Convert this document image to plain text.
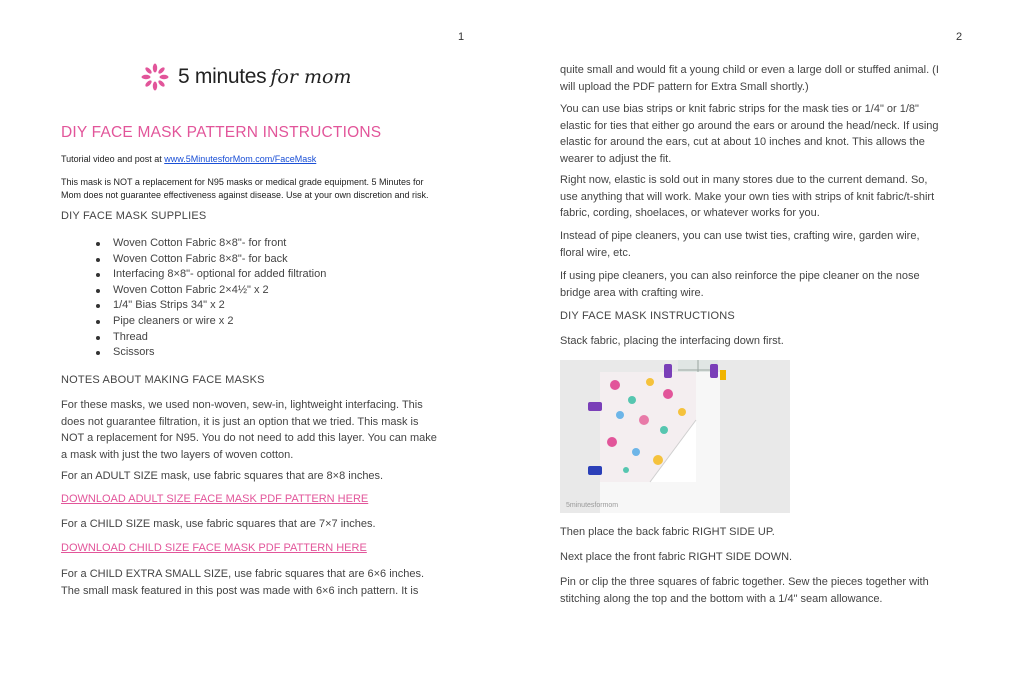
1
5 minutes for mom
DIY FACE MASK PATTERN INSTRUCTIONS
Tutorial video and post at www.5MinutesforMom.com/FaceMask
This mask is NOT a replacement for N95 masks or medical grade equipment. 5 Minutes for
Mom does not guarantee effectiveness against disease. Use at your own discretion and risk.
DIY FACE MASK SUPPLIES
Woven Cotton Fabric 8×8"- for front
Woven Cotton Fabric 8×8"- for back
Interfacing 8×8"- optional for added filtration
Woven Cotton Fabric 2×4½" x 2
1/4" Bias Strips 34" x 2
Pipe cleaners or wire x 2
Thread
Scissors
NOTES ABOUT MAKING FACE MASKS
For these masks, we used non-woven, sew-in, lightweight interfacing. This
does not guarantee filtration, it is just an option that we tried. This mask is
NOT a replacement for N95. You do not need to add this layer. You can make
a mask with just the two layers of woven cotton.
For an ADULT SIZE mask, use fabric squares that are 8×8 inches.
DOWNLOAD ADULT SIZE FACE MASK PDF PATTERN HERE
For a CHILD SIZE mask, use fabric squares that are 7×7 inches.
DOWNLOAD CHILD SIZE FACE MASK PDF PATTERN HERE
For a CHILD EXTRA SMALL SIZE, use fabric squares that are 6×6 inches.
The small mask featured in this post was made with 6×6 inch pattern. It is
2
quite small and would fit a young child or even a large doll or stuffed animal. (I
will upload the PDF pattern for Extra Small shortly.)
You can use bias strips or knit fabric strips for the mask ties or 1/4" or 1/8"
elastic for ties that either go around the ears or around the head/neck. If using
elastic for around the ears, cut at about 10 inches and knot. This allows the
wearer to adjust the fit.
Right now, elastic is sold out in many stores due to the current demand. So,
use anything that will work. Make your own ties with strips of knit fabric/t-shirt
fabric, cording, shoelaces, or whatever works for you.
Instead of pipe cleaners, you can use twist ties, crafting wire, garden wire,
floral wire, etc.
If using pipe cleaners, you can also reinforce the pipe cleaner on the nose
bridge area with crafting wire.
DIY FACE MASK INSTRUCTIONS
Stack fabric, placing the interfacing down first.
Then place the back fabric RIGHT SIDE UP.
Next place the front fabric RIGHT SIDE DOWN.
Pin or clip the three squares of fabric together. Sew the pieces together with
stitching along the top and the bottom with a 1/4" seam allowance.
5minutesformom
